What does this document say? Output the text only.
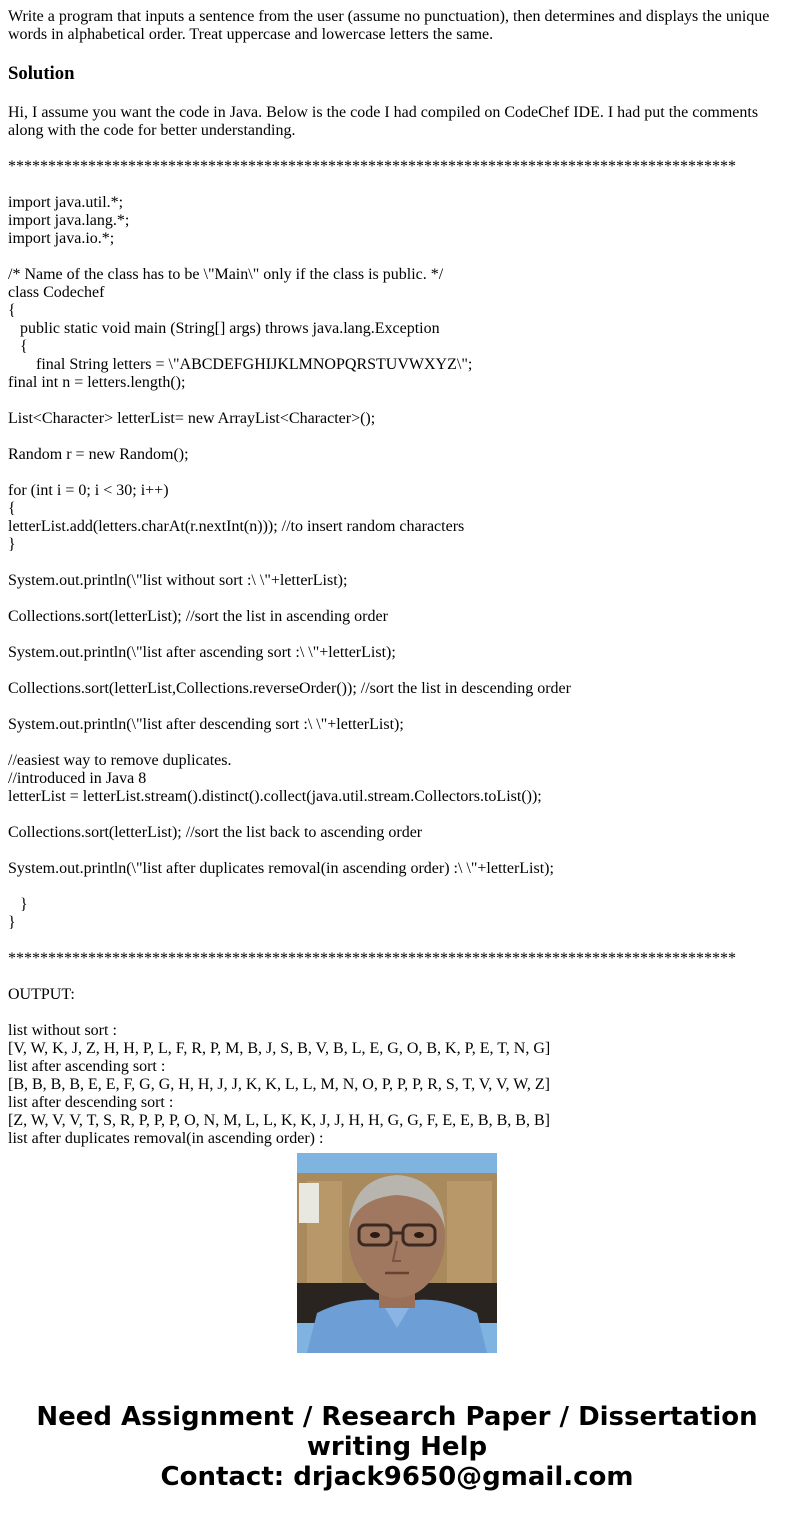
Write a program that inputs a sentence from the user (assume no punctuation), then determines and displays the unique words in alphabetical order. Treat uppercase and lowercase letters the same.

Solution

Hi, I assume you want the code in Java. Below is the code I had compiled on CodeChef IDE. I had put the comments along with the code for better understanding.

*******************************************************************************************
import java.util.*;
import java.lang.*;
import java.io.*;
/* Name of the class has to be \"Main\" only if the class is public. */
class Codechef
{
public static void main (String[] args) throws java.lang.Exception
{
final String letters = \"ABCDEFGHIJKLMNOPQRSTUVWXYZ\";
final int n = letters.length();
List<Character> letterList= new ArrayList<Character>();
Random r = new Random();
for (int i = 0; i < 30; i++)
{
letterList.add(letters.charAt(r.nextInt(n))); //to insert random characters
}
System.out.println(\"list without sort :\ \"+letterList);
Collections.sort(letterList); //sort the list in ascending order
System.out.println(\"list after ascending sort :\ \"+letterList);
Collections.sort(letterList,Collections.reverseOrder()); //sort the list in descending order
System.out.println(\"list after descending sort :\ \"+letterList);
//easiest way to remove duplicates.
//introduced in Java 8
letterList = letterList.stream().distinct().collect(java.util.stream.Collectors.toList());
Collections.sort(letterList); //sort the list back to ascending order
System.out.println(\"list after duplicates removal(in ascending order) :\ \"+letterList);
}
}
*******************************************************************************************
OUTPUT:
list without sort :
[V, W, K, J, Z, H, H, P, L, F, R, P, M, B, J, S, B, V, B, L, E, G, O, B, K, P, E, T, N, G]
list after ascending sort :
[B, B, B, B, E, E, F, G, G, H, H, J, J, K, K, L, L, M, N, O, P, P, P, R, S, T, V, V, W, Z]
list after descending sort :
[Z, W, V, V, T, S, R, P, P, P, O, N, M, L, L, K, K, J, J, H, H, G, G, F, E, E, B, B, B, B]
list after duplicates removal(in ascending order) :
Need Assignment / Research Paper / Dissertation
writing Help
Contact: drjack9650@gmail.com
